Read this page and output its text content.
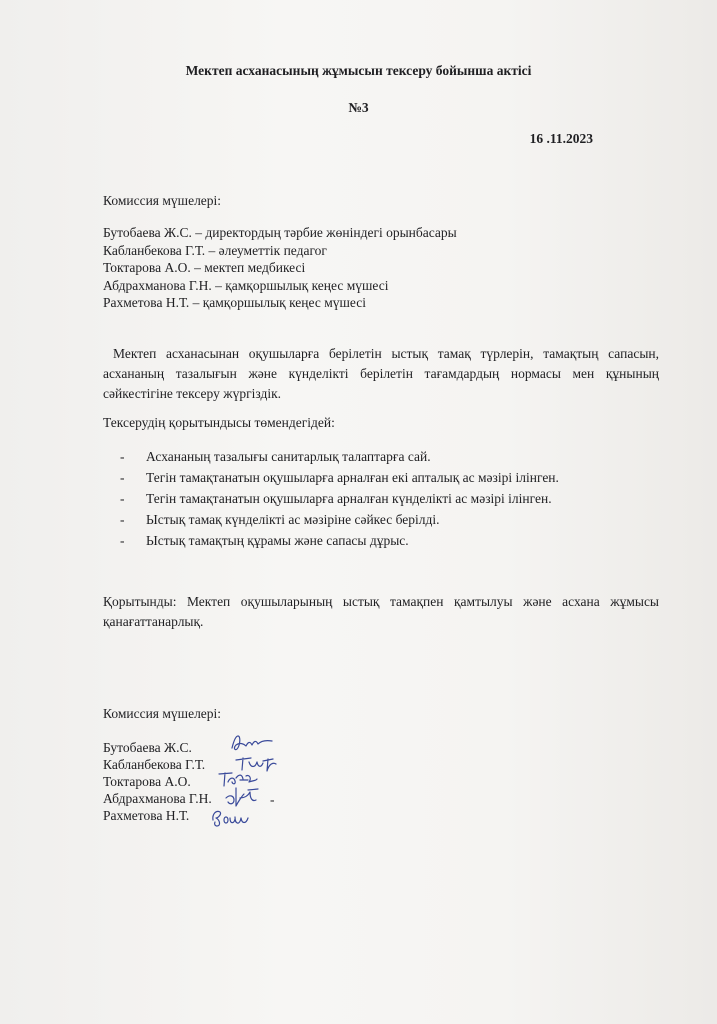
Мектеп асханасының жұмысын тексеру бойынша актісі
№3
16 .11.2023
Комиссия мүшелері:
Бутобаева Ж.С. – директордың тәрбие жөніндегі орынбасары
Кабланбекова Г.Т. – әлеуметтік педагог
Токтарова А.О. – мектеп медбикесі
Абдрахманова Г.Н. – қамқоршылық кеңес мүшесі
Рахметова Н.Т. – қамқоршылық кеңес мүшесі
Мектеп асханасынан оқушыларға берілетін ыстық тамақ түрлерін, тамақтың сапасын, асхананың тазалығын және күнделікті берілетін тағамдардың нормасы мен құнының сәйкестігіне тексеру жүргіздік.
Тексерудің қорытындысы төмендегідей:
- Асхананың тазалығы санитарлық талаптарға сай.
- Тегін тамақтанатын оқушыларға арналған екі апталық ас мәзірі ілінген.
- Тегін тамақтанатын оқушыларға арналған күнделікті ас мәзірі ілінген.
- Ыстық тамақ күнделікті ас мәзіріне сәйкес берілді.
- Ыстық тамақтың құрамы және сапасы дұрыс.
Қорытынды: Мектеп оқушыларының ыстық тамақпен қамтылуы және асхана жұмысы қанағаттанарлық.
Комиссия мүшелері:
Бутобаева Ж.С.
Кабланбекова Г.Т.
Токтарова А.О.
Абдрахманова Г.Н.
Рахметова Н.Т.
-
